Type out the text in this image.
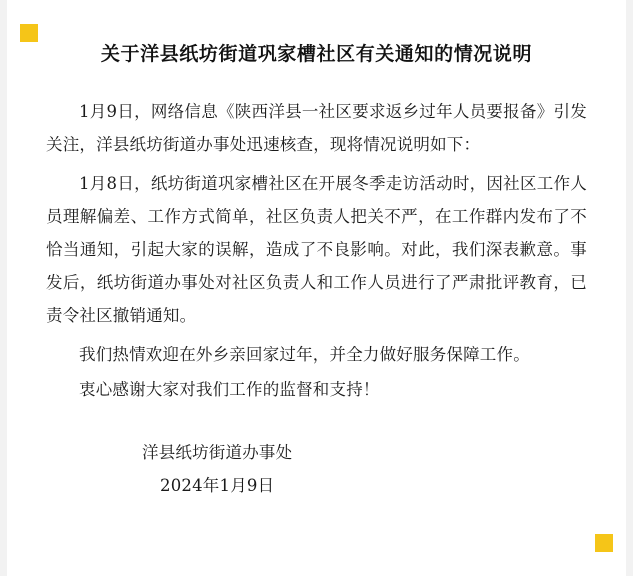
关于洋县纸坊街道巩家槽社区有关通知的情况说明

1月9日，网络信息《陕西洋县一社区要求返乡过年人员要报备》引发关注，洋县纸坊街道办事处迅速核查，现将情况说明如下：

1月8日，纸坊街道巩家槽社区在开展冬季走访活动时，因社区工作人员理解偏差、工作方式简单，社区负责人把关不严，在工作群内发布了不恰当通知，引起大家的误解，造成了不良影响。对此，我们深表歉意。事发后，纸坊街道办事处对社区负责人和工作人员进行了严肃批评教育，已责令社区撤销通知。

我们热情欢迎在外乡亲回家过年，并全力做好服务保障工作。

衷心感谢大家对我们工作的监督和支持！

洋县纸坊街道办事处
2024年1月9日
